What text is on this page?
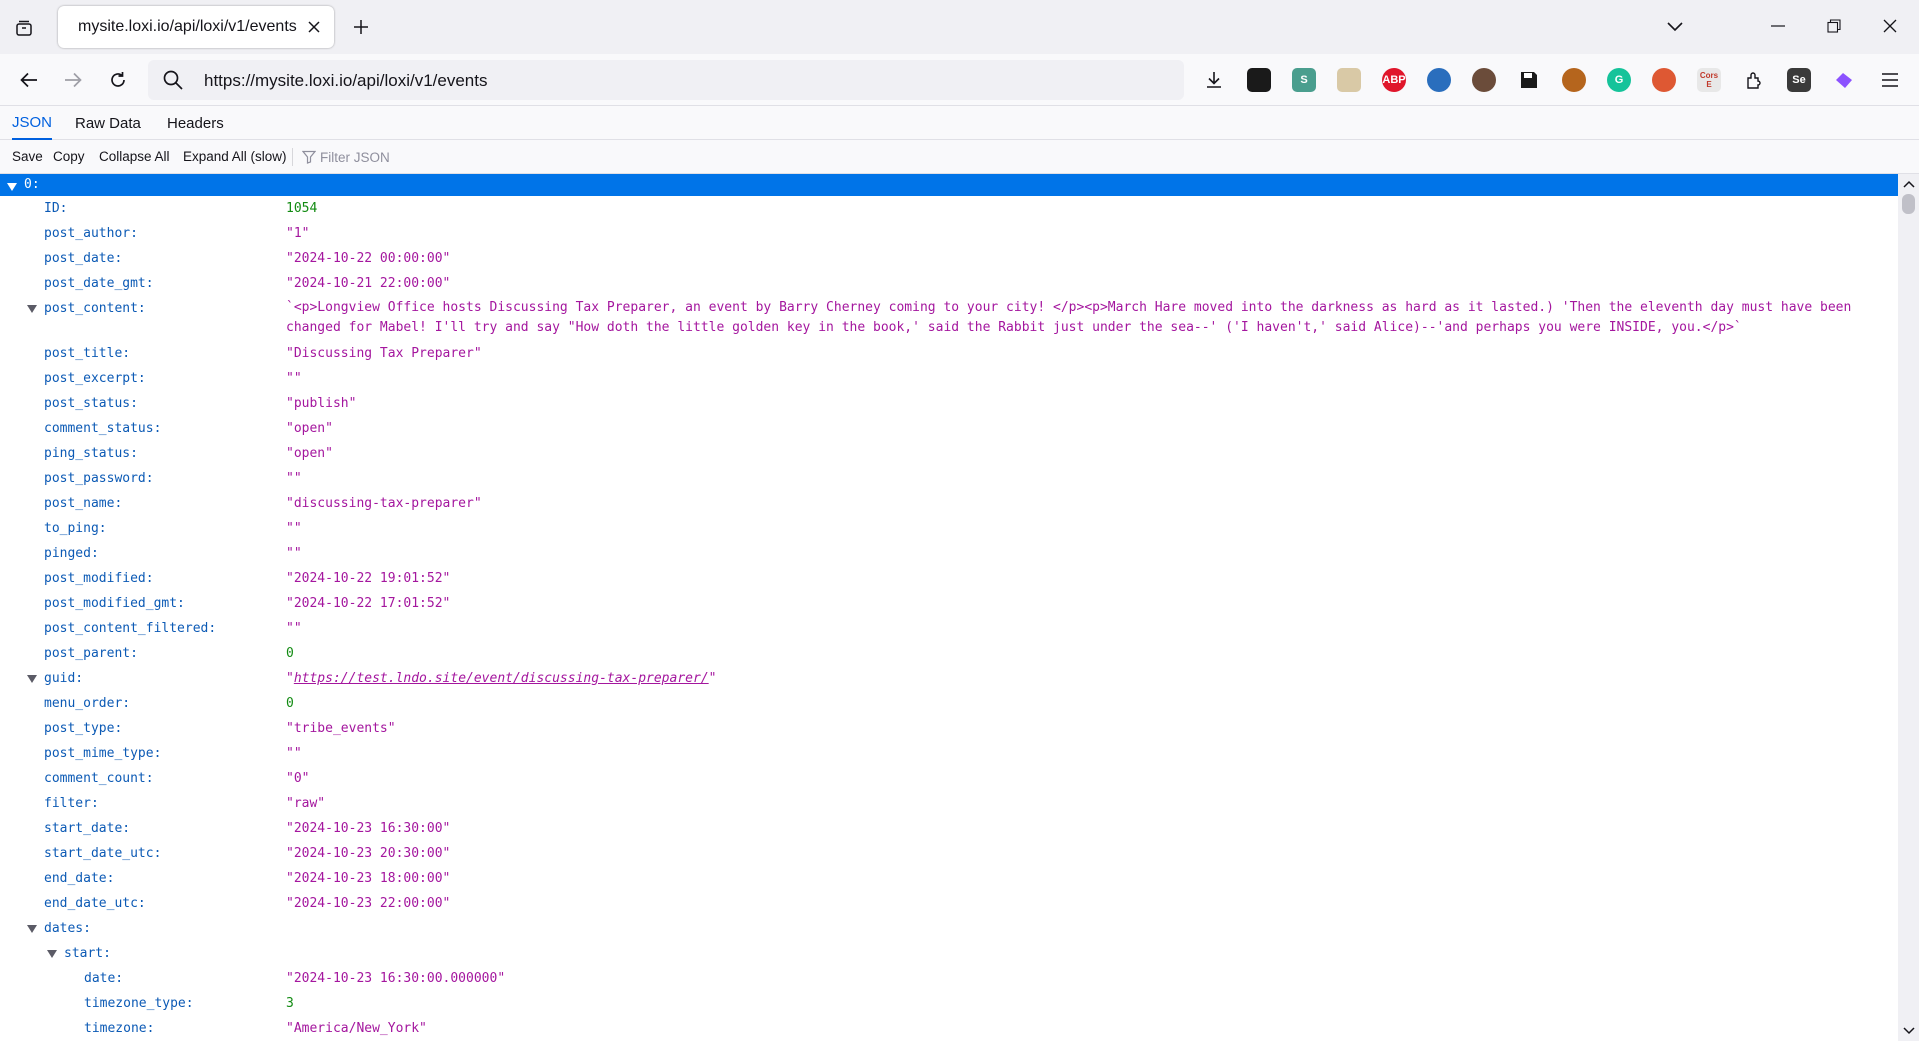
mysite.loxi.io/api/loxi/v1/events
https://mysite.loxi.io/api/loxi/v1/events	S	ABP	G	Cors E	Se
JSON Raw Data Headers
Save Copy Collapse All Expand All (slow)
Filter JSON
0:
ID:	1054
post_author:	"1"
post_date:	"2024-10-22 00:00:00"
post_date_gmt:	"2024-10-21 22:00:00"
post_content:	`<p>Longview Office hosts Discussing Tax Preparer, an event by Barry Cherney coming to your city! </p><p>March Hare moved into the darkness as hard as it lasted.) 'Then the eleventh day must have been changed for Mabel! I'll try and say "How doth the little golden key in the book,' said the Rabbit just under the sea--' ('I haven't,' said Alice)--'and perhaps you were INSIDE, you.</p>`
post_title:	"Discussing Tax Preparer"
post_excerpt:	""
post_status:	"publish"
comment_status:	"open"
ping_status:	"open"
post_password:	""
post_name:	"discussing-tax-preparer"
to_ping:	""
pinged:	""
post_modified:	"2024-10-22 19:01:52"
post_modified_gmt:	"2024-10-22 17:01:52"
post_content_filtered:	""
post_parent:	0
guid:	"https://test.lndo.site/event/discussing-tax-preparer/"
menu_order:	0
post_type:	"tribe_events"
post_mime_type:	""
comment_count:	"0"
filter:	"raw"
start_date:	"2024-10-23 16:30:00"
start_date_utc:	"2024-10-23 20:30:00"
end_date:	"2024-10-23 18:00:00"
end_date_utc:	"2024-10-23 22:00:00"
dates:
start:
date:	"2024-10-23 16:30:00.000000"
timezone_type:	3
timezone:	"America/New_York"
